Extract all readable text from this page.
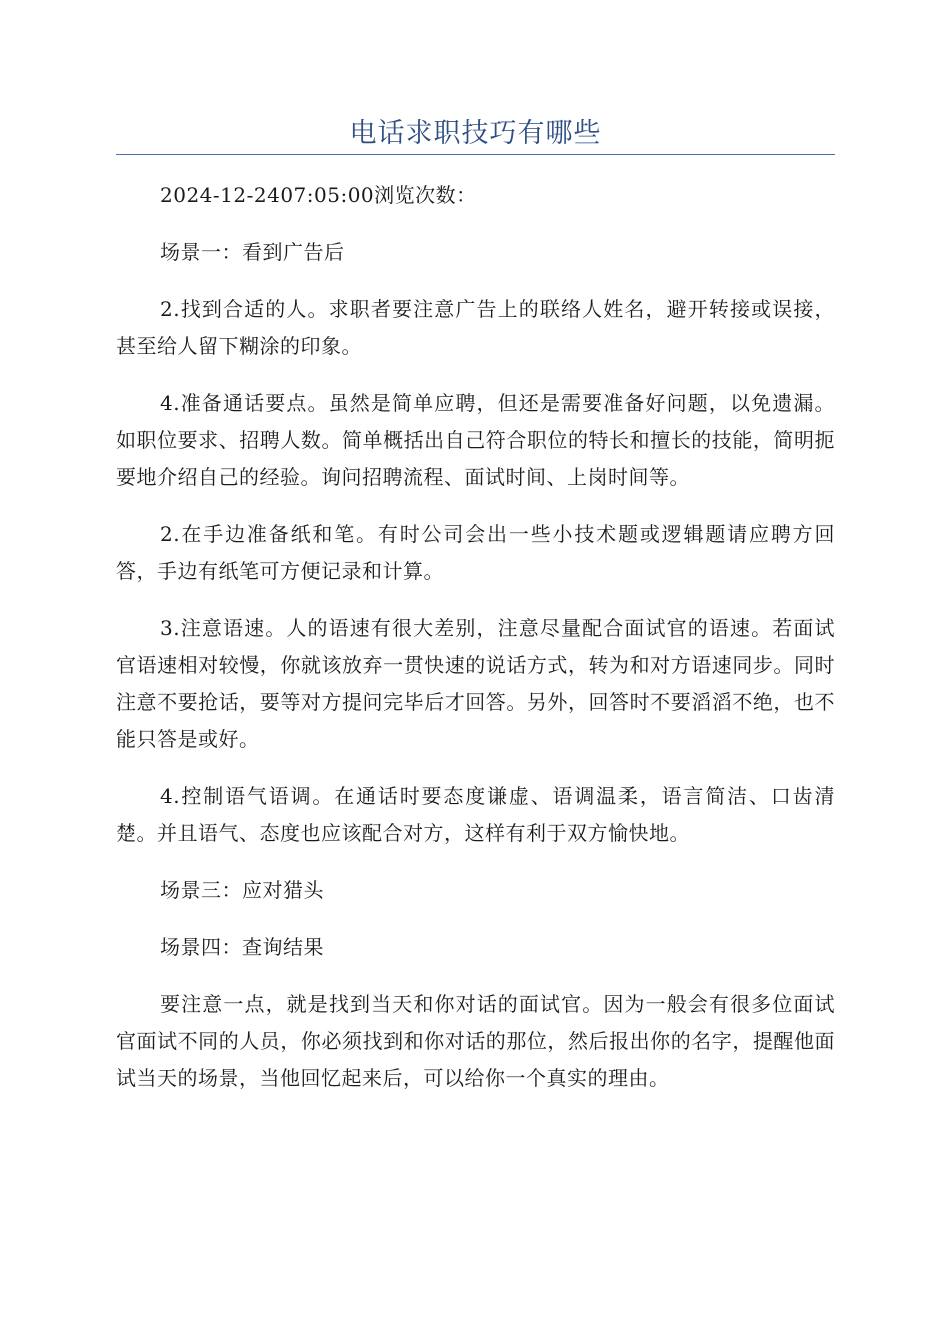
电话求职技巧有哪些

2024-12-2407:05:00浏览次数：

场景一：看到广告后

2.找到合适的人。求职者要注意广告上的联络人姓名，避开转接或误接，甚至给人留下糊涂的印象。

4.准备通话要点。虽然是简单应聘，但还是需要准备好问题，以免遗漏。如职位要求、招聘人数。简单概括出自己符合职位的特长和擅长的技能，简明扼要地介绍自己的经验。询问招聘流程、面试时间、上岗时间等。

2.在手边准备纸和笔。有时公司会出一些小技术题或逻辑题请应聘方回答，手边有纸笔可方便记录和计算。

3.注意语速。人的语速有很大差别，注意尽量配合面试官的语速。若面试官语速相对较慢，你就该放弃一贯快速的说话方式，转为和对方语速同步。同时注意不要抢话，要等对方提问完毕后才回答。另外，回答时不要滔滔不绝，也不能只答是或好。

4.控制语气语调。在通话时要态度谦虚、语调温柔，语言简洁、口齿清楚。并且语气、态度也应该配合对方，这样有利于双方愉快地。

场景三：应对猎头

场景四：查询结果

要注意一点，就是找到当天和你对话的面试官。因为一般会有很多位面试官面试不同的人员，你必须找到和你对话的那位，然后报出你的名字，提醒他面试当天的场景，当他回忆起来后，可以给你一个真实的理由。
